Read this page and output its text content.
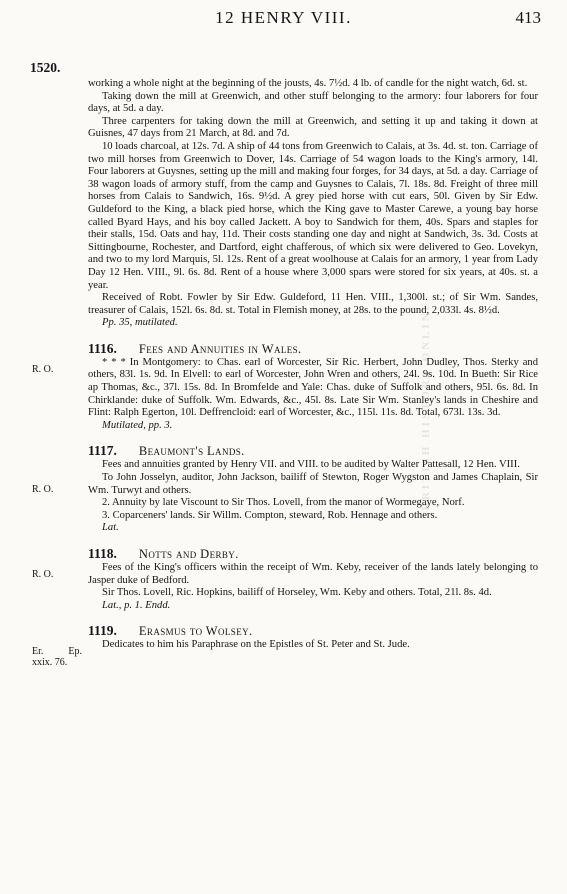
12 HENRY VIII.	413
1520.
BRITISH HISTORY ONLINE

working a whole night at the beginning of the jousts, 4s. 7½d. 4 lb. of candle for the night watch, 6d. st.

Taking down the mill at Greenwich, and other stuff belonging to the armory: four laborers for four days, at 5d. a day.

Three carpenters for taking down the mill at Greenwich, and setting it up and taking it down at Guisnes, 47 days from 21 March, at 8d. and 7d.

10 loads charcoal, at 12s. 7d. A ship of 44 tons from Greenwich to Calais, at 3s. 4d. st. ton. Carriage of two mill horses from Greenwich to Dover, 14s. Carriage of 54 wagon loads to the King's armory, 14l. Four laborers at Guysnes, setting up the mill and making four forges, for 34 days, at 5d. a day. Carriage of 38 wagon loads of armory stuff, from the camp and Guysnes to Calais, 7l. 18s. 8d. Freight of three mill horses from Calais to Sandwich, 16s. 9½d. A grey pied horse with cut ears, 50l. Given by Sir Edw. Guldeford to the King, a black pied horse, which the King gave to Master Carewe, a young bay horse called Byard Hays, and his boy called Jackett. A boy to Sandwich for them, 40s. Spars and staples for their stalls, 15d. Oats and hay, 11d. Their costs standing one day and night at Sandwich, 3s. 3d. Costs at Sittingbourne, Rochester, and Dartford, eight chafferous, of which six were delivered to Geo. Lovekyn, and two to my lord Marquis, 5l. 12s. Rent of a great woolhouse at Calais for an armory, 1 year from Lady Day 12 Hen. VIII., 9l. 6s. 8d. Rent of a house where 3,000 spars were stored for six years, at 40s. st. a year.

Received of Robt. Fowler by Sir Edw. Guldeford, 11 Hen. VIII., 1,300l. st.; of Sir Wm. Sandes, treasurer of Calais, 152l. 6s. 8d. st. Total in Flemish money, at 28s. to the pound, 2,033l. 4s. 8½d.

Pp. 35, mutilated.

1116. Fees and Annuities in Wales.
R. O.

* * * In Montgomery: to Chas. earl of Worcester, Sir Ric. Herbert, John Dudley, Thos. Sterky and others, 83l. 1s. 9d. In Elvell: to earl of Worcester, John Wren and others, 24l. 9s. 10d. In Bueth: Sir Rice ap Thomas, &c., 37l. 15s. 8d. In Bromfelde and Yale: Chas. duke of Suffolk and others, 95l. 6s. 8d. In Chirklande: duke of Suffolk. Wm. Edwards, &c., 45l. 8s. Late Sir Wm. Stanley's lands in Cheshire and Flint: Ralph Egerton, 10l. Deffrencloid: earl of Worcester, &c., 115l. 11s. 8d. Total, 673l. 13s. 3d.

Mutilated, pp. 3.

1117. Beaumont's Lands.
R. O.

Fees and annuities granted by Henry VII. and VIII. to be audited by Walter Pattesall, 12 Hen. VIII.

To John Josselyn, auditor, John Jackson, bailiff of Stewton, Roger Wygston and James Chaplain, Sir Wm. Turwyt and others.

2. Annuity by late Viscount to Sir Thos. Lovell, from the manor of Wormegaye, Norf.

3. Coparceners' lands. Sir Willm. Compton, steward, Rob. Hennage and others.

Lat.

1118. Notts and Derby.
R. O.

Fees of the King's officers within the receipt of Wm. Keby, receiver of the lands lately belonging to Jasper duke of Bedford.

Sir Thos. Lovell, Ric. Hopkins, bailiff of Horseley, Wm. Keby and others. Total, 21l. 8s. 4d.

Lat., p. 1. Endd.

1119. Erasmus to Wolsey.
Er. Ep. xxix. 76.

Dedicates to him his Paraphrase on the Epistles of St. Peter and St. Jude.
